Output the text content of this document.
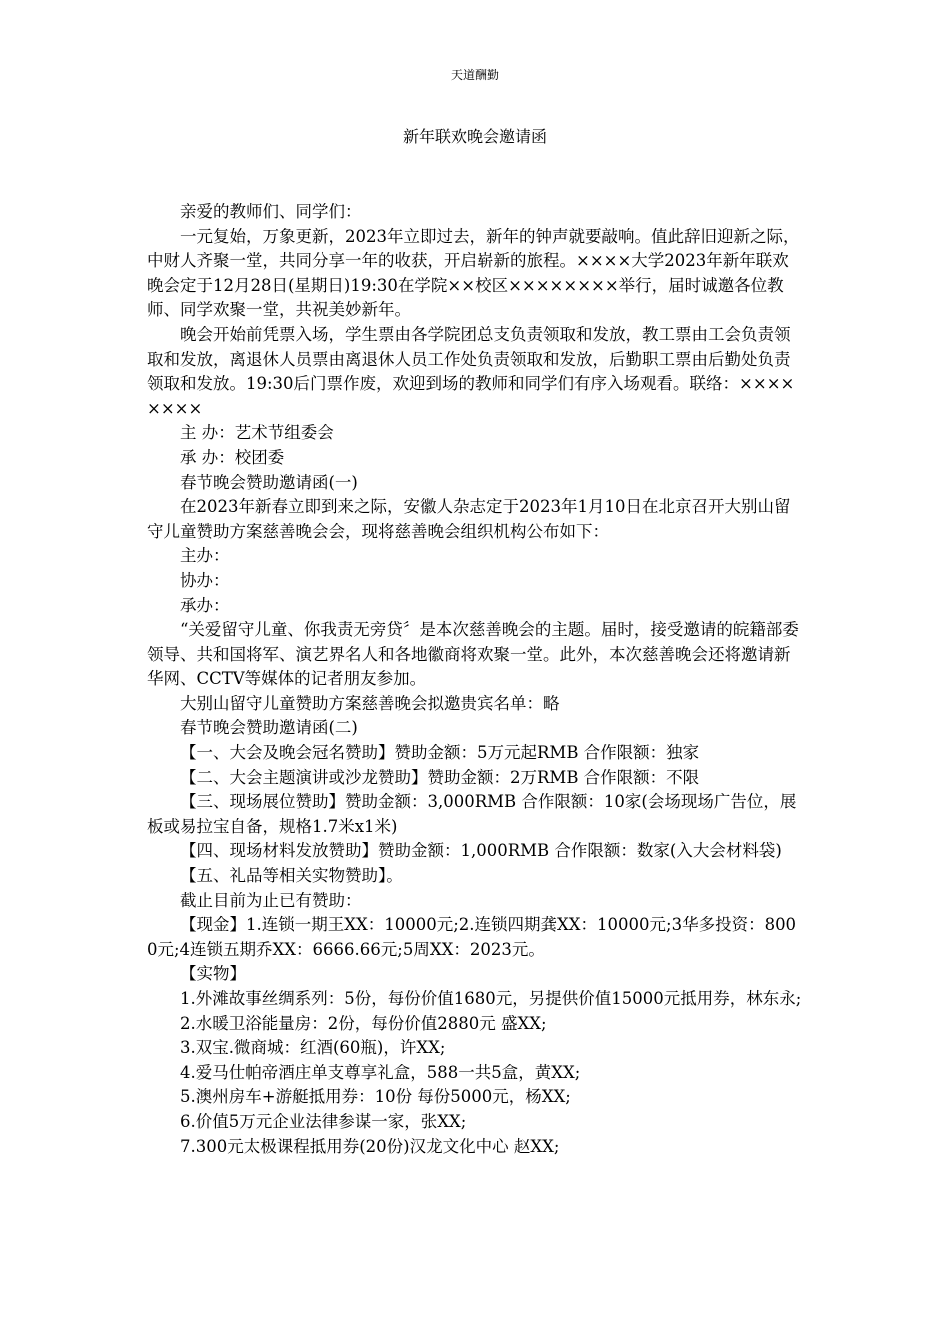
天道酬勤
新年联欢晚会邀请函

亲爱的教师们、同学们：

一元复始，万象更新，2023年立即过去，新年的钟声就要敲响。值此辞旧迎新之际，中财人齐聚一堂，共同分享一年的收获，开启崭新的旅程。××××大学2023年新年联欢晚会定于12月28日(星期日)19:30在学院××校区××××××××举行，届时诚邀各位教师、同学欢聚一堂，共祝美妙新年。

晚会开始前凭票入场，学生票由各学院团总支负责领取和发放，教工票由工会负责领取和发放，离退休人员票由离退休人员工作处负责领取和发放，后勤职工票由后勤处负责领取和发放。19:30后门票作废，欢迎到场的教师和同学们有序入场观看。联络：××××××××

主 办：艺术节组委会

承 办：校团委

春节晚会赞助邀请函(一)

在2023年新春立即到来之际，安徽人杂志定于2023年1月10日在北京召开大别山留守儿童赞助方案慈善晚会会，现将慈善晚会组织机构公布如下：

主办：

协办：

承办：

“关爱留守儿童、你我责无旁贷〞是本次慈善晚会的主题。届时，接受邀请的皖籍部委领导、共和国将军、演艺界名人和各地徽商将欢聚一堂。此外，本次慈善晚会还将邀请新华网、CCTV等媒体的记者朋友参加。

大别山留守儿童赞助方案慈善晚会拟邀贵宾名单：略

春节晚会赞助邀请函(二)

【一、大会及晚会冠名赞助】赞助金额：5万元起RMB 合作限额：独家

【二、大会主题演讲或沙龙赞助】赞助金额：2万RMB 合作限额：不限

【三、现场展位赞助】赞助金额：3,000RMB 合作限额：10家(会场现场广告位，展板或易拉宝自备，规格1.7米x1米)

【四、现场材料发放赞助】赞助金额：1,000RMB 合作限额：数家(入大会材料袋)

【五、礼品等相关实物赞助】。

截止目前为止已有赞助：

【现金】1.连锁一期王XX：10000元;2.连锁四期龚XX：10000元;3华多投资：8000元;4连锁五期乔XX：6666.66元;5周XX：2023元。

【实物】

1.外滩故事丝绸系列：5份，每份价值1680元，另提供价值15000元抵用券，林东永;

2.水暖卫浴能量房：2份，每份价值2880元 盛XX;

3.双宝.微商城：红酒(60瓶)，许XX;

4.爱马仕帕帝酒庄单支尊享礼盒，588一共5盒，黄XX;

5.澳州房车+游艇抵用券：10份 每份5000元，杨XX;

6.价值5万元企业法律参谋一家，张XX;

7.300元太极课程抵用券(20份)汉龙文化中心 赵XX;
